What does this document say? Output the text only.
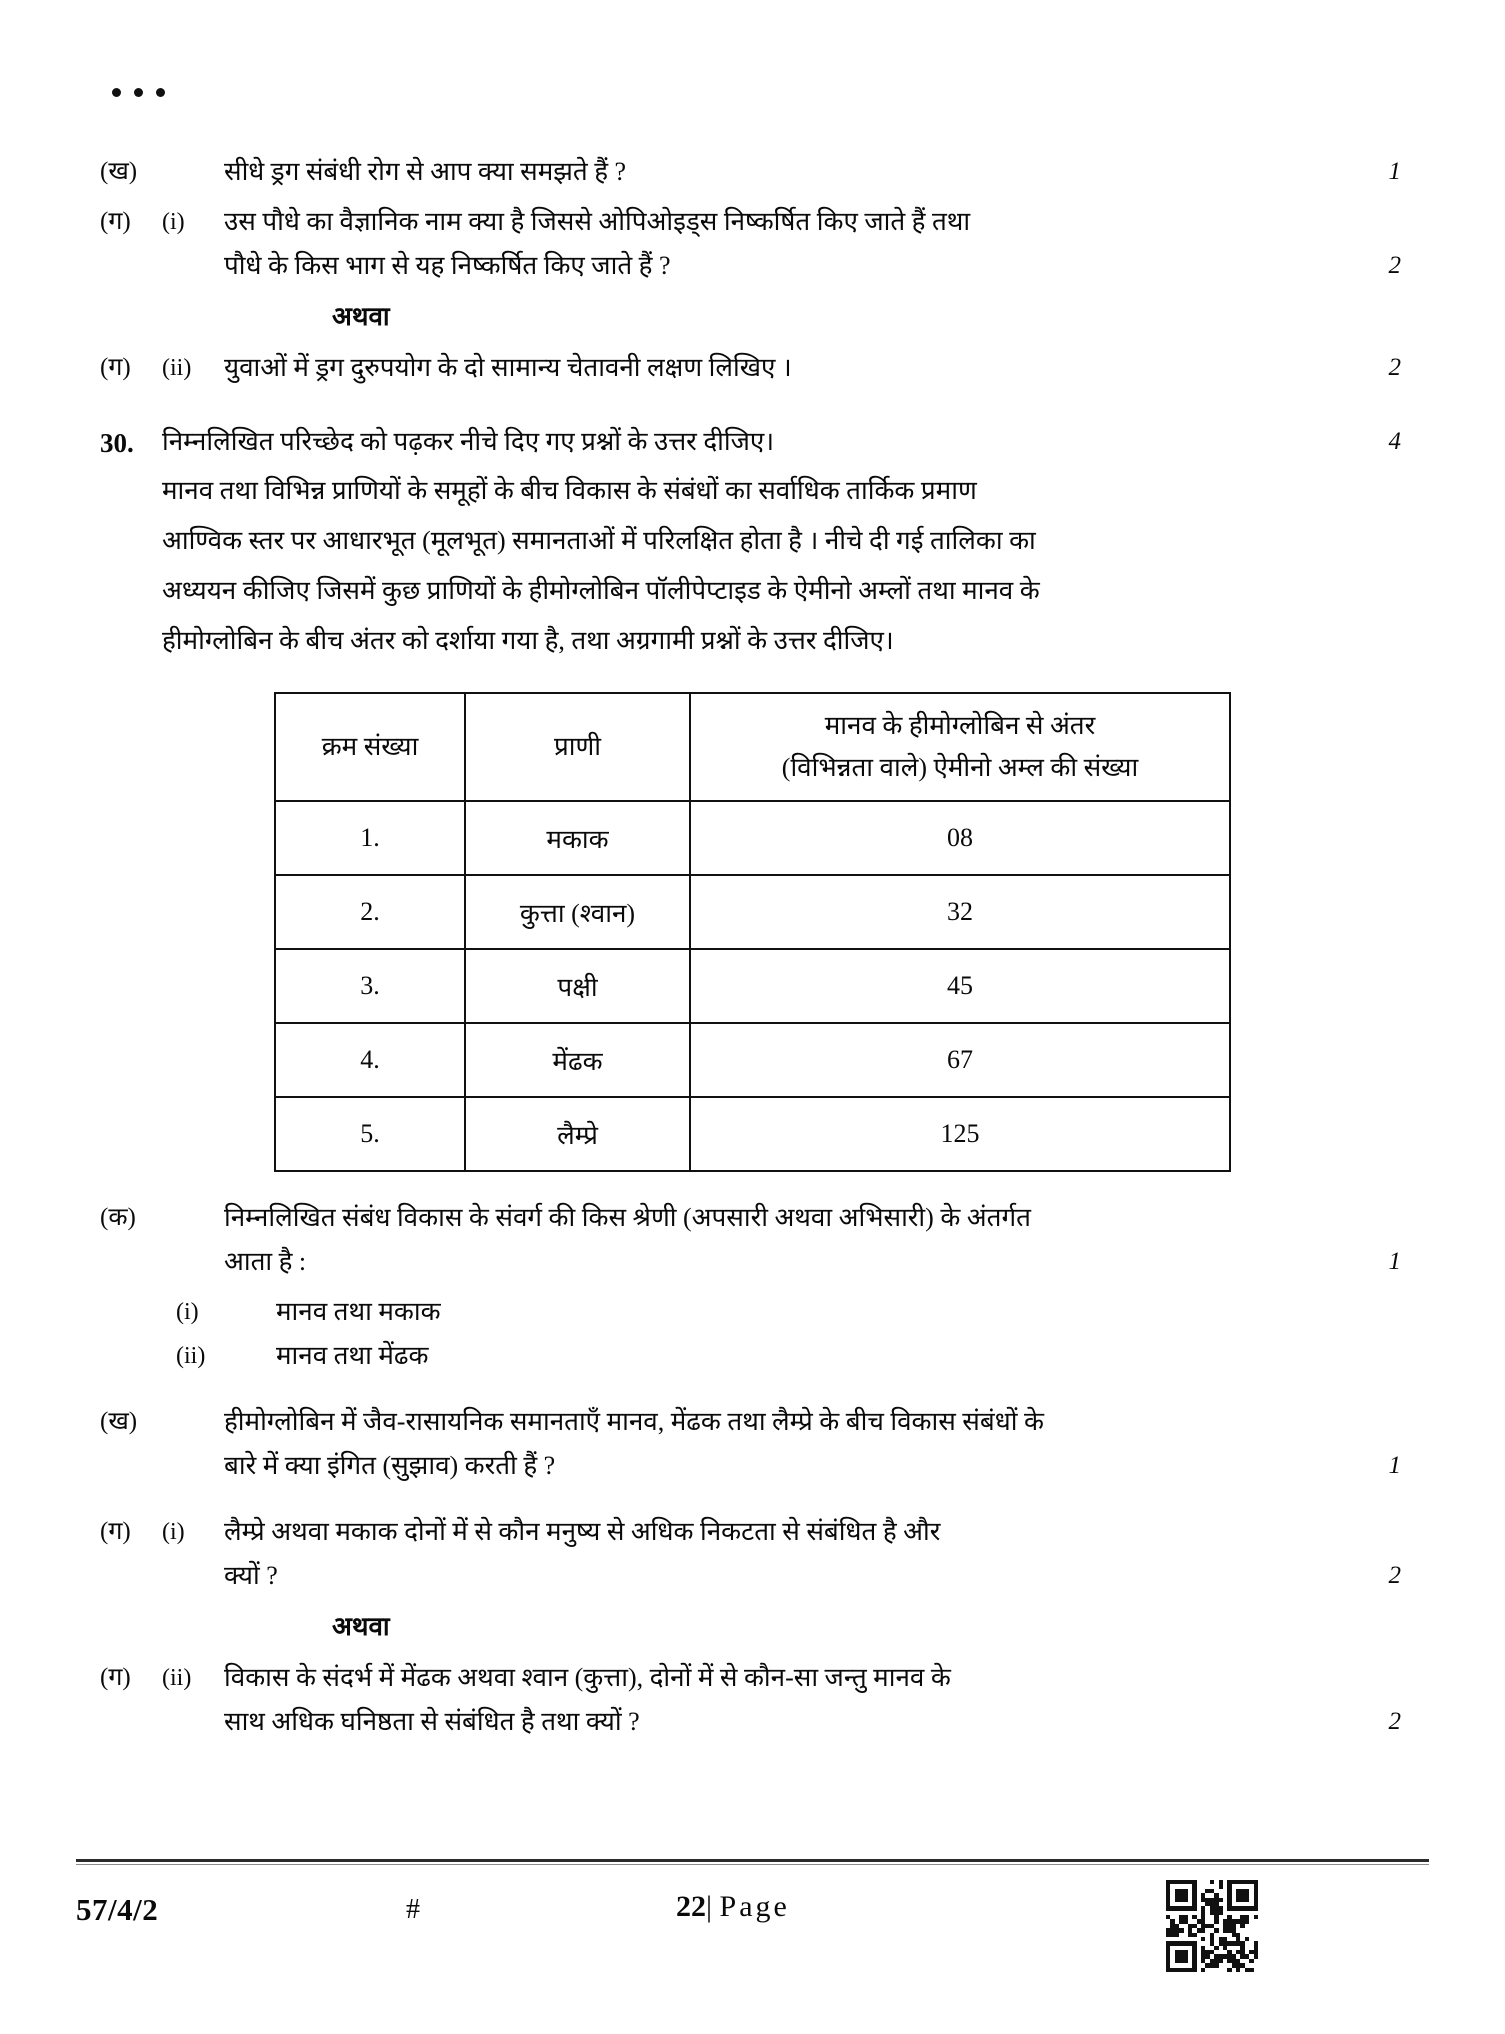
(ख)	सीधे ड्रग संबंधी रोग से आप क्या समझते हैं ?	1
(ग)	(i)	उस पौधे का वैज्ञानिक नाम क्या है जिससे ओपिओइड्स निष्कर्षित किए जाते हैं तथा
पौधे के किस भाग से यह निष्कर्षित किए जाते हैं ?	2
अथवा
(ग)	(ii)	युवाओं में ड्रग दुरुपयोग के दो सामान्य चेतावनी लक्षण लिखिए ।	2
30.	निम्नलिखित परिच्छेद को पढ़कर नीचे दिए गए प्रश्नों के उत्तर दीजिए।	4
मानव तथा विभिन्न प्राणियों के समूहों के बीच विकास के संबंधों का सर्वाधिक तार्किक प्रमाण
आण्विक स्तर पर आधारभूत (मूलभूत) समानताओं में परिलक्षित होता है । नीचे दी गई तालिका का
अध्ययन कीजिए जिसमें कुछ प्राणियों के हीमोग्लोबिन पॉलीपेप्टाइड के ऐमीनो अम्लों तथा मानव के
हीमोग्लोबिन के बीच अंतर को दर्शाया गया है, तथा अग्रगामी प्रश्नों के उत्तर दीजिए।
क्रम संख्या	प्राणी	मानव के हीमोग्लोबिन से अंतर
(विभिन्नता वाले) ऐमीनो अम्ल की संख्या

1.	मकाक	08
2.	कुत्ता (श्वान)	32
3.	पक्षी	45
4.	मेंढक	67
5.	लैम्प्रे	125
(क)	निम्नलिखित संबंध विकास के संवर्ग की किस श्रेणी (अपसारी अथवा अभिसारी) के अंतर्गत
आता है :	1
(i)	मानव तथा मकाक
(ii)	मानव तथा मेंढक
(ख)	हीमोग्लोबिन में जैव-रासायनिक समानताएँ मानव, मेंढक तथा लैम्प्रे के बीच विकास संबंधों के
बारे में क्या इंगित (सुझाव) करती हैं ?	1
(ग)	(i)	लैम्प्रे अथवा मकाक दोनों में से कौन मनुष्य से अधिक निकटता से संबंधित है और
क्यों ?	2
अथवा
(ग)	(ii)	विकास के संदर्भ में मेंढक अथवा श्वान (कुत्ता), दोनों में से कौन-सा जन्तु मानव के
साथ अधिक घनिष्ठता से संबंधित है तथा क्यों ?	2
57/4/2	#	22| Page
